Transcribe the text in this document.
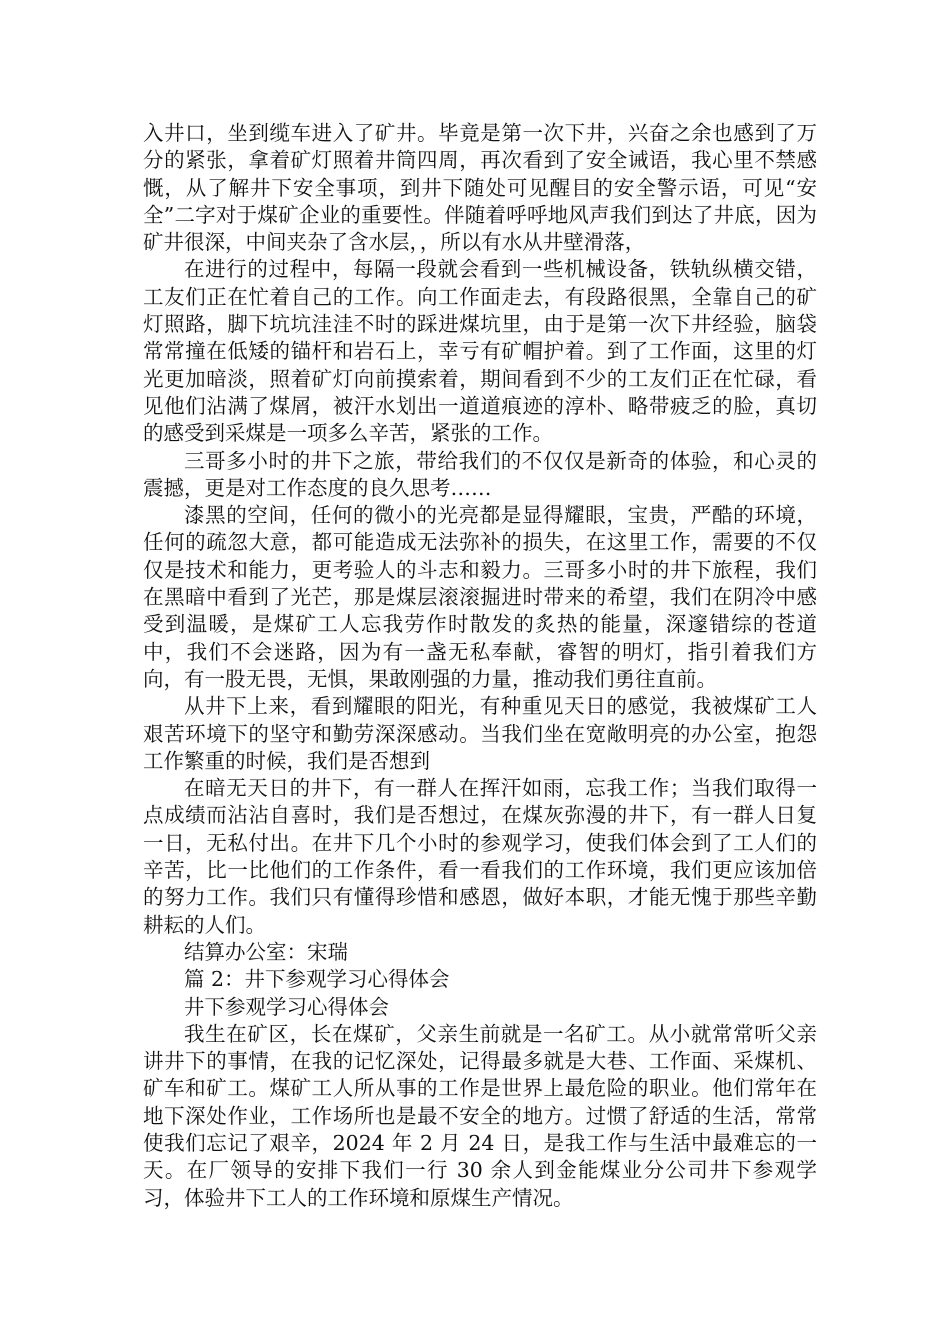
入井口，坐到缆车进入了矿井。毕竟是第一次下井，兴奋之余也感到了万分的紧张，拿着矿灯照着井筒四周，再次看到了安全诫语，我心里不禁感慨，从了解井下安全事项，到井下随处可见醒目的安全警示语，可见“安全”二字对于煤矿企业的重要性。伴随着呼呼地风声我们到达了井底，因为矿井很深，中间夹杂了含水层，，所以有水从井壁滑落，

在进行的过程中，每隔一段就会看到一些机械设备，铁轨纵横交错，工友们正在忙着自己的工作。向工作面走去，有段路很黑，全靠自己的矿灯照路，脚下坑坑洼洼不时的踩进煤坑里，由于是第一次下井经验，脑袋常常撞在低矮的锚杆和岩石上，幸亏有矿帽护着。到了工作面，这里的灯光更加暗淡，照着矿灯向前摸索着，期间看到不少的工友们正在忙碌，看见他们沾满了煤屑，被汗水划出一道道痕迹的淳朴、略带疲乏的脸，真切的感受到采煤是一项多么辛苦，紧张的工作。

三哥多小时的井下之旅，带给我们的不仅仅是新奇的体验，和心灵的震撼，更是对工作态度的良久思考……

漆黑的空间，任何的微小的光亮都是显得耀眼，宝贵，严酷的环境，任何的疏忽大意，都可能造成无法弥补的损失，在这里工作，需要的不仅仅是技术和能力，更考验人的斗志和毅力。三哥多小时的井下旅程，我们在黑暗中看到了光芒，那是煤层滚滚掘进时带来的希望，我们在阴冷中感受到温暖，是煤矿工人忘我劳作时散发的炙热的能量，深邃错综的苍道中，我们不会迷路，因为有一盏无私奉献，睿智的明灯，指引着我们方向，有一股无畏，无惧，果敢刚强的力量，推动我们勇往直前。

从井下上来，看到耀眼的阳光，有种重见天日的感觉，我被煤矿工人艰苦环境下的坚守和勤劳深深感动。当我们坐在宽敞明亮的办公室，抱怨工作繁重的时候，我们是否想到

在暗无天日的井下，有一群人在挥汗如雨，忘我工作；当我们取得一点成绩而沾沾自喜时，我们是否想过，在煤灰弥漫的井下，有一群人日复一日，无私付出。在井下几个小时的参观学习，使我们体会到了工人们的辛苦，比一比他们的工作条件，看一看我们的工作环境，我们更应该加倍的努力工作。我们只有懂得珍惜和感恩，做好本职，才能无愧于那些辛勤耕耘的人们。

结算办公室：宋瑞

篇 2：井下参观学习心得体会

井下参观学习心得体会

我生在矿区，长在煤矿，父亲生前就是一名矿工。从小就常常听父亲讲井下的事情，在我的记忆深处，记得最多就是大巷、工作面、采煤机、矿车和矿工。煤矿工人所从事的工作是世界上最危险的职业。他们常年在地下深处作业，工作场所也是最不安全的地方。过惯了舒适的生活，常常使我们忘记了艰辛，2024 年 2 月 24 日，是我工作与生活中最难忘的一天。在厂领导的安排下我们一行 30 余人到金能煤业分公司井下参观学习，体验井下工人的工作环境和原煤生产情况。
